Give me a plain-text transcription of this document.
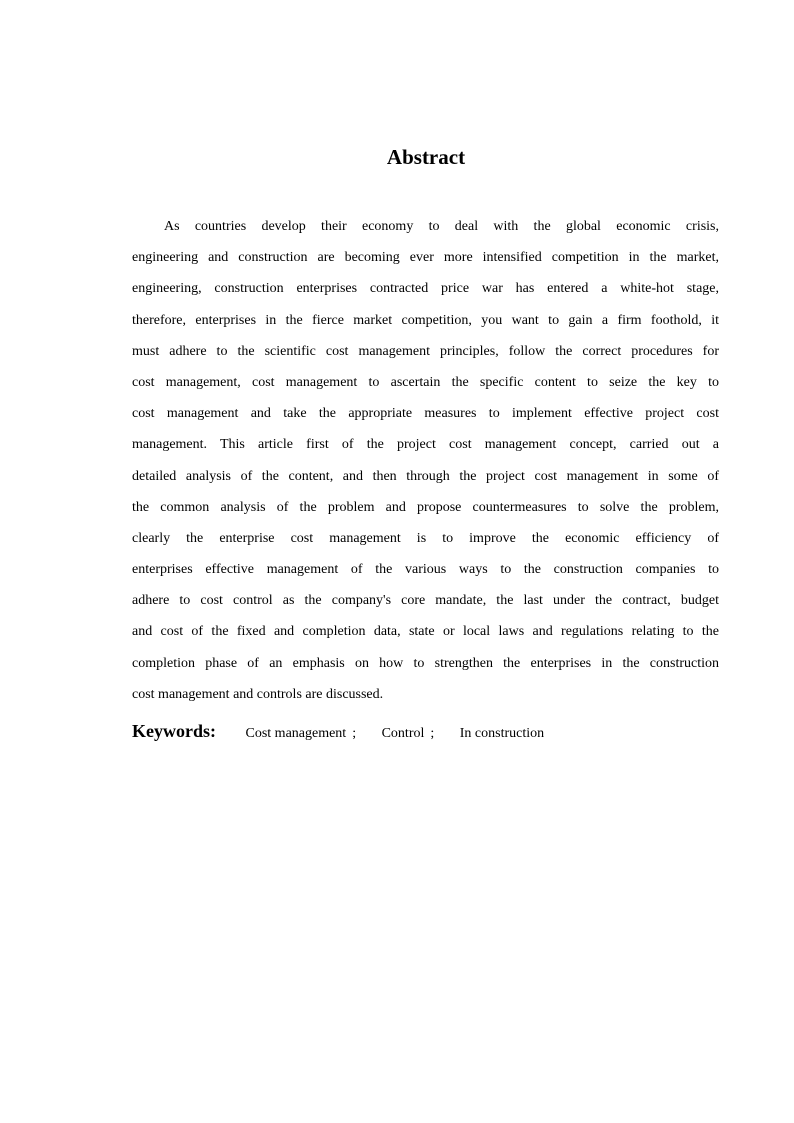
Abstract
As countries develop their economy to deal with the global economic crisis,
engineering and construction are becoming ever more intensified competition in the market,
engineering, construction enterprises contracted price war has entered a white-hot stage,
therefore, enterprises in the fierce market competition, you want to gain a firm foothold, it
must adhere to the scientific cost management principles, follow the correct procedures for
cost management, cost management to ascertain the specific content to seize the key to
cost management and take the appropriate measures to implement effective project cost
management. This article first of the project cost management concept, carried out a
detailed analysis of the content, and then through the project cost management in some of
the common analysis of the problem and propose countermeasures to solve the problem,
clearly the enterprise cost management is to improve the economic efficiency of
enterprises effective management of the various ways to the construction companies to
adhere to cost control as the company's core mandate, the last under the contract, budget
and cost of the fixed and completion data, state or local laws and regulations relating to the
completion phase of an emphasis on how to strengthen the enterprises in the construction
cost management and controls are discussed.
Keywords: Cost management ; Control ; In construction
